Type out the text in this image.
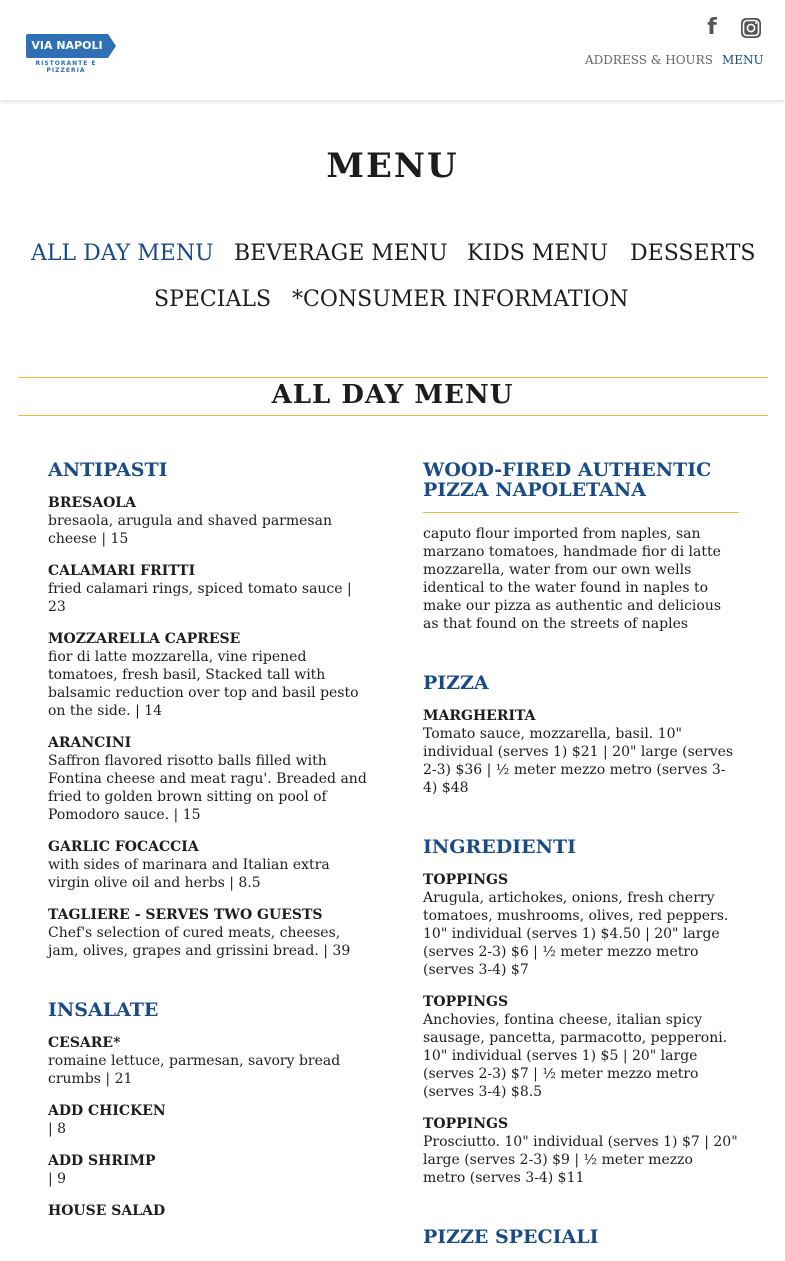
VIA NAPOLI
RISTORANTE E PIZZERIA
f
ADDRESS & HOURS MENU
MENU
ALL DAY MENU BEVERAGE MENU KIDS MENU DESSERTS
SPECIALS *CONSUMER INFORMATION
ALL DAY MENU
ANTIPASTI
BRESAOLA
bresaola, arugula and shaved parmesan cheese | 15
CALAMARI FRITTI
fried calamari rings, spiced tomato sauce | 23
MOZZARELLA CAPRESE
fior di latte mozzarella, vine ripened tomatoes, fresh basil, Stacked tall with balsamic reduction over top and basil pesto on the side. | 14
ARANCINI
Saffron flavored risotto balls filled with Fontina cheese and meat ragu'. Breaded and fried to golden brown sitting on pool of Pomodoro sauce. | 15
GARLIC FOCACCIA
with sides of marinara and Italian extra virgin olive oil and herbs | 8.5
TAGLIERE - SERVES TWO GUESTS
Chef's selection of cured meats, cheeses, jam, olives, grapes and grissini bread. | 39
INSALATE
CESARE*
romaine lettuce, parmesan, savory bread crumbs | 21
ADD CHICKEN
| 8
ADD SHRIMP
| 9
HOUSE SALAD
WOOD-FIRED AUTHENTIC PIZZA NAPOLETANA
caputo flour imported from naples, san marzano tomatoes, handmade fior di latte mozzarella, water from our own wells identical to the water found in naples to make our pizza as authentic and delicious as that found on the streets of naples
PIZZA
MARGHERITA
Tomato sauce, mozzarella, basil. 10" individual (serves 1) $21 | 20" large (serves 2-3) $36 | ½ meter mezzo metro (serves 3-4) $48
INGREDIENTI
TOPPINGS
Arugula, artichokes, onions, fresh cherry tomatoes, mushrooms, olives, red peppers. 10" individual (serves 1) $4.50 | 20" large (serves 2-3) $6 | ½ meter mezzo metro (serves 3-4) $7
TOPPINGS
Anchovies, fontina cheese, italian spicy sausage, pancetta, parmacotto, pepperoni. 10" individual (serves 1) $5 | 20" large (serves 2-3) $7 | ½ meter mezzo metro (serves 3-4) $8.5
TOPPINGS
Prosciutto. 10" individual (serves 1) $7 | 20" large (serves 2-3) $9 | ½ meter mezzo metro (serves 3-4) $11
PIZZE SPECIALI
